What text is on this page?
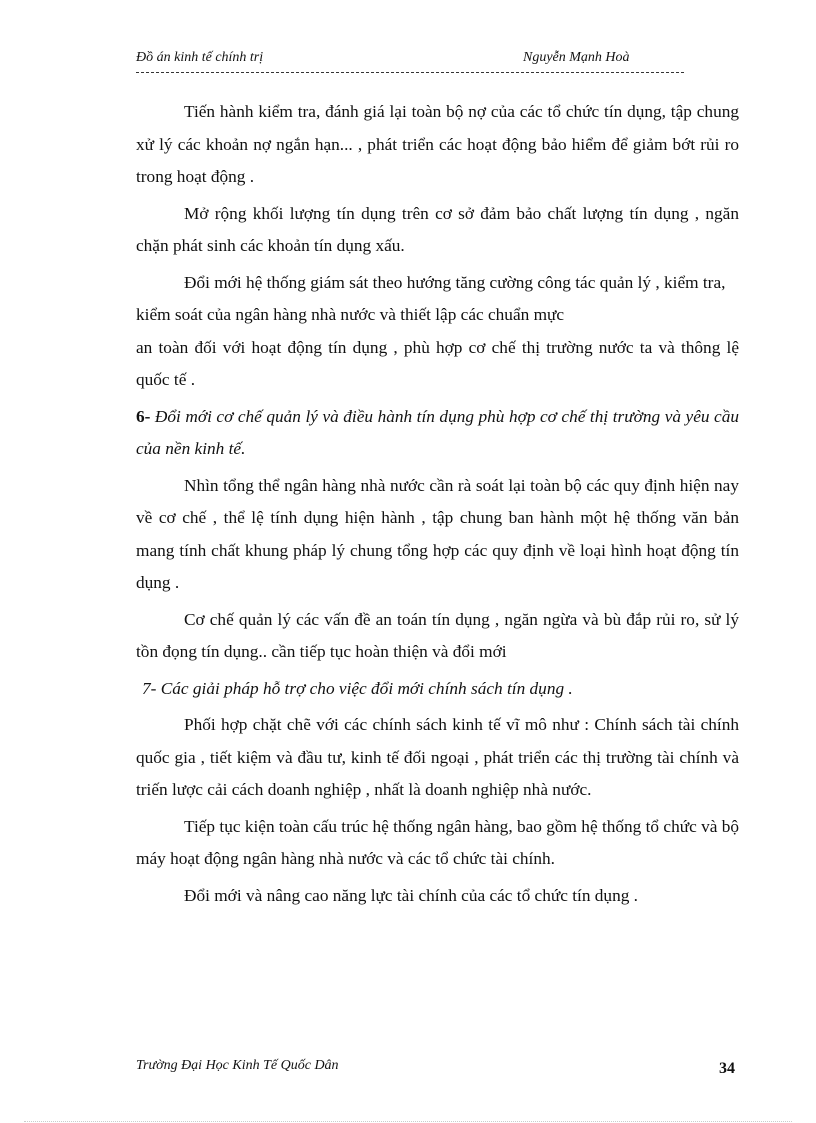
Đồ án kinh tế chính trị	Nguyễn Mạnh Hoà

Tiến hành kiểm tra, đánh giá lại toàn bộ nợ của các tổ chức tín dụng, tập chung xử lý các khoản nợ ngắn hạn... , phát triển các hoạt động bảo hiểm để giảm bớt rủi ro trong hoạt động .

Mở rộng khối lượng tín dụng trên cơ sở đảm bảo chất lượng tín dụng , ngăn chặn phát sinh các khoản tín dụng xấu.

Đổi mới hệ thống giám sát theo hướng tăng cường công tác quản lý , kiểm tra, kiểm soát của ngân hàng nhà nước và thiết lập các chuẩn mực

an toàn đối với hoạt động tín dụng , phù hợp cơ chế thị trường nước ta và thông lệ quốc tế .

6- Đổi mới cơ chế quản lý và điều hành tín dụng phù hợp cơ chế thị trường và yêu cầu của nền kinh tế.

Nhìn tổng thể ngân hàng nhà nước cần rà soát lại toàn bộ các quy định hiện nay về cơ chế , thể lệ tính dụng hiện hành , tập chung ban hành một hệ thống văn bản mang tính chất khung pháp lý chung tổng hợp các quy định về loại hình hoạt động tín dụng .

Cơ chế quản lý các vấn đề an toán tín dụng , ngăn ngừa và bù đắp rủi ro, sử lý tồn đọng tín dụng.. cần tiếp tục hoàn thiện và đổi mới

7- Các giải pháp hỗ trợ cho việc đổi mới chính sách tín dụng .

Phối hợp chặt chẽ với các chính sách kinh tế vĩ mô như : Chính sách tài chính quốc gia , tiết kiệm và đầu tư, kinh tế đối ngoại , phát triển các thị trường tài chính và triến lược cải cách doanh nghiệp , nhất là doanh nghiệp nhà nước.

Tiếp tục kiện toàn cấu trúc hệ thống ngân hàng, bao gồm hệ thống tổ chức và bộ máy hoạt động ngân hàng nhà nước và các tổ chức tài chính.

Đổi mới và nâng cao năng lực tài chính của các tổ chức tín dụng .

Trường Đại Học Kinh Tế Quốc Dân	34
